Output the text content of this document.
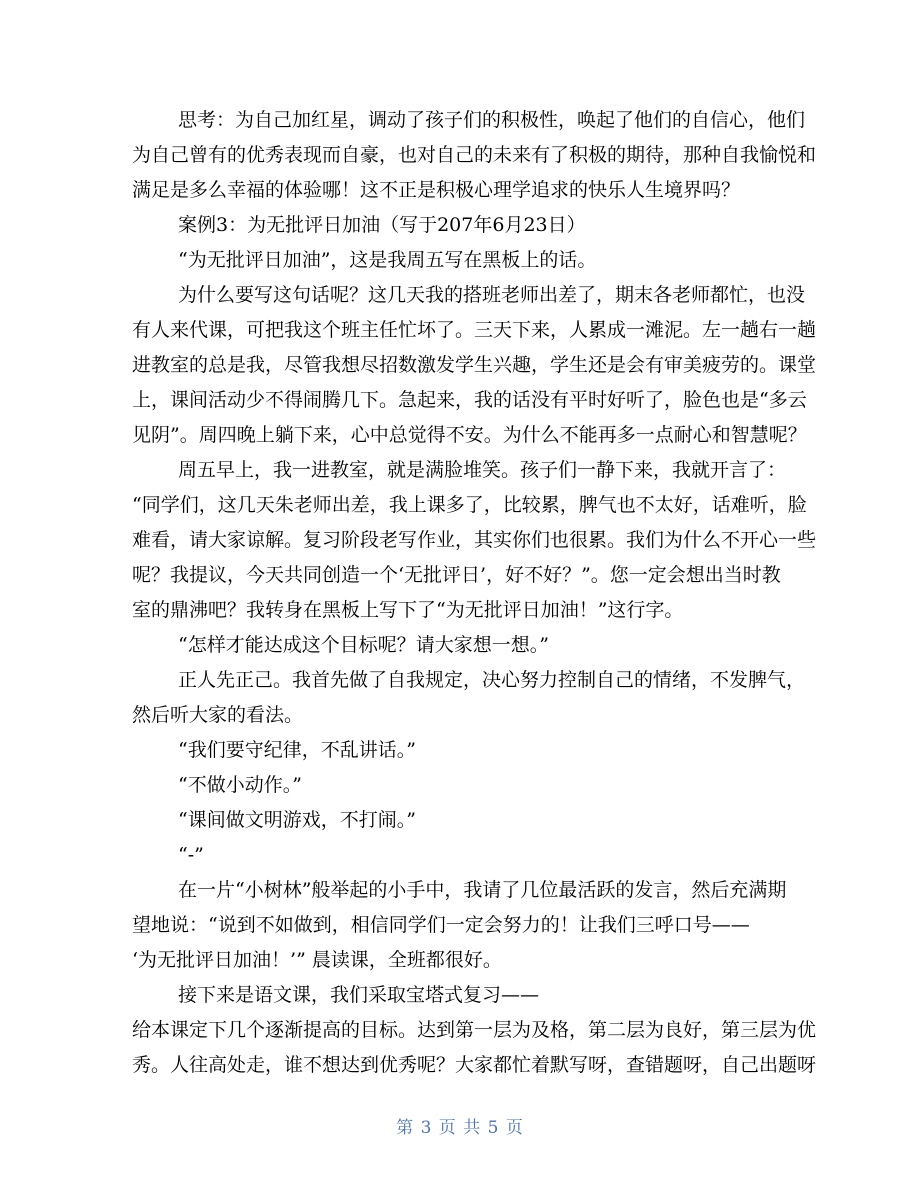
思考：为自己加红星，调动了孩子们的积极性，唤起了他们的自信心，他们
为自己曾有的优秀表现而自豪，也对自己的未来有了积极的期待，那种自我愉悦和
满足是多么幸福的体验哪！这不正是积极心理学追求的快乐人生境界吗？
案例3：为无批评日加油（写于207年6月23日）
“为无批评日加油”，这是我周五写在黑板上的话。
为什么要写这句话呢？这几天我的搭班老师出差了，期末各老师都忙，也没
有人来代课，可把我这个班主任忙坏了。三天下来，人累成一滩泥。左一趟右一趟
进教室的总是我，尽管我想尽招数激发学生兴趣，学生还是会有审美疲劳的。课堂
上，课间活动少不得闹腾几下。急起来，我的话没有平时好听了，脸色也是“多云
见阴”。周四晚上躺下来，心中总觉得不安。为什么不能再多一点耐心和智慧呢？
周五早上，我一进教室，就是满脸堆笑。孩子们一静下来，我就开言了：
“同学们，这几天朱老师出差，我上课多了，比较累，脾气也不太好，话难听，脸
难看，请大家谅解。复习阶段老写作业，其实你们也很累。我们为什么不开心一些
呢？我提议，今天共同创造一个‘无批评日’，好不好？”。您一定会想出当时教
室的鼎沸吧？我转身在黑板上写下了“为无批评日加油！”这行字。
“怎样才能达成这个目标呢？请大家想一想。”
正人先正己。我首先做了自我规定，决心努力控制自己的情绪，不发脾气，
然后听大家的看法。
“我们要守纪律，不乱讲话。”
“不做小动作。”
“课间做文明游戏，不打闹。”
“-”
在一片“小树林”般举起的小手中，我请了几位最活跃的发言，然后充满期
望地说：“说到不如做到，相信同学们一定会努力的！让我们三呼口号——
‘为无批评日加油！’” 晨读课，全班都很好。
接下来是语文课，我们采取宝塔式复习——
给本课定下几个逐渐提高的目标。达到第一层为及格，第二层为良好，第三层为优
秀。人往高处走，谁不想达到优秀呢？大家都忙着默写呀，查错题呀，自己出题呀
第 3 页 共 5 页
